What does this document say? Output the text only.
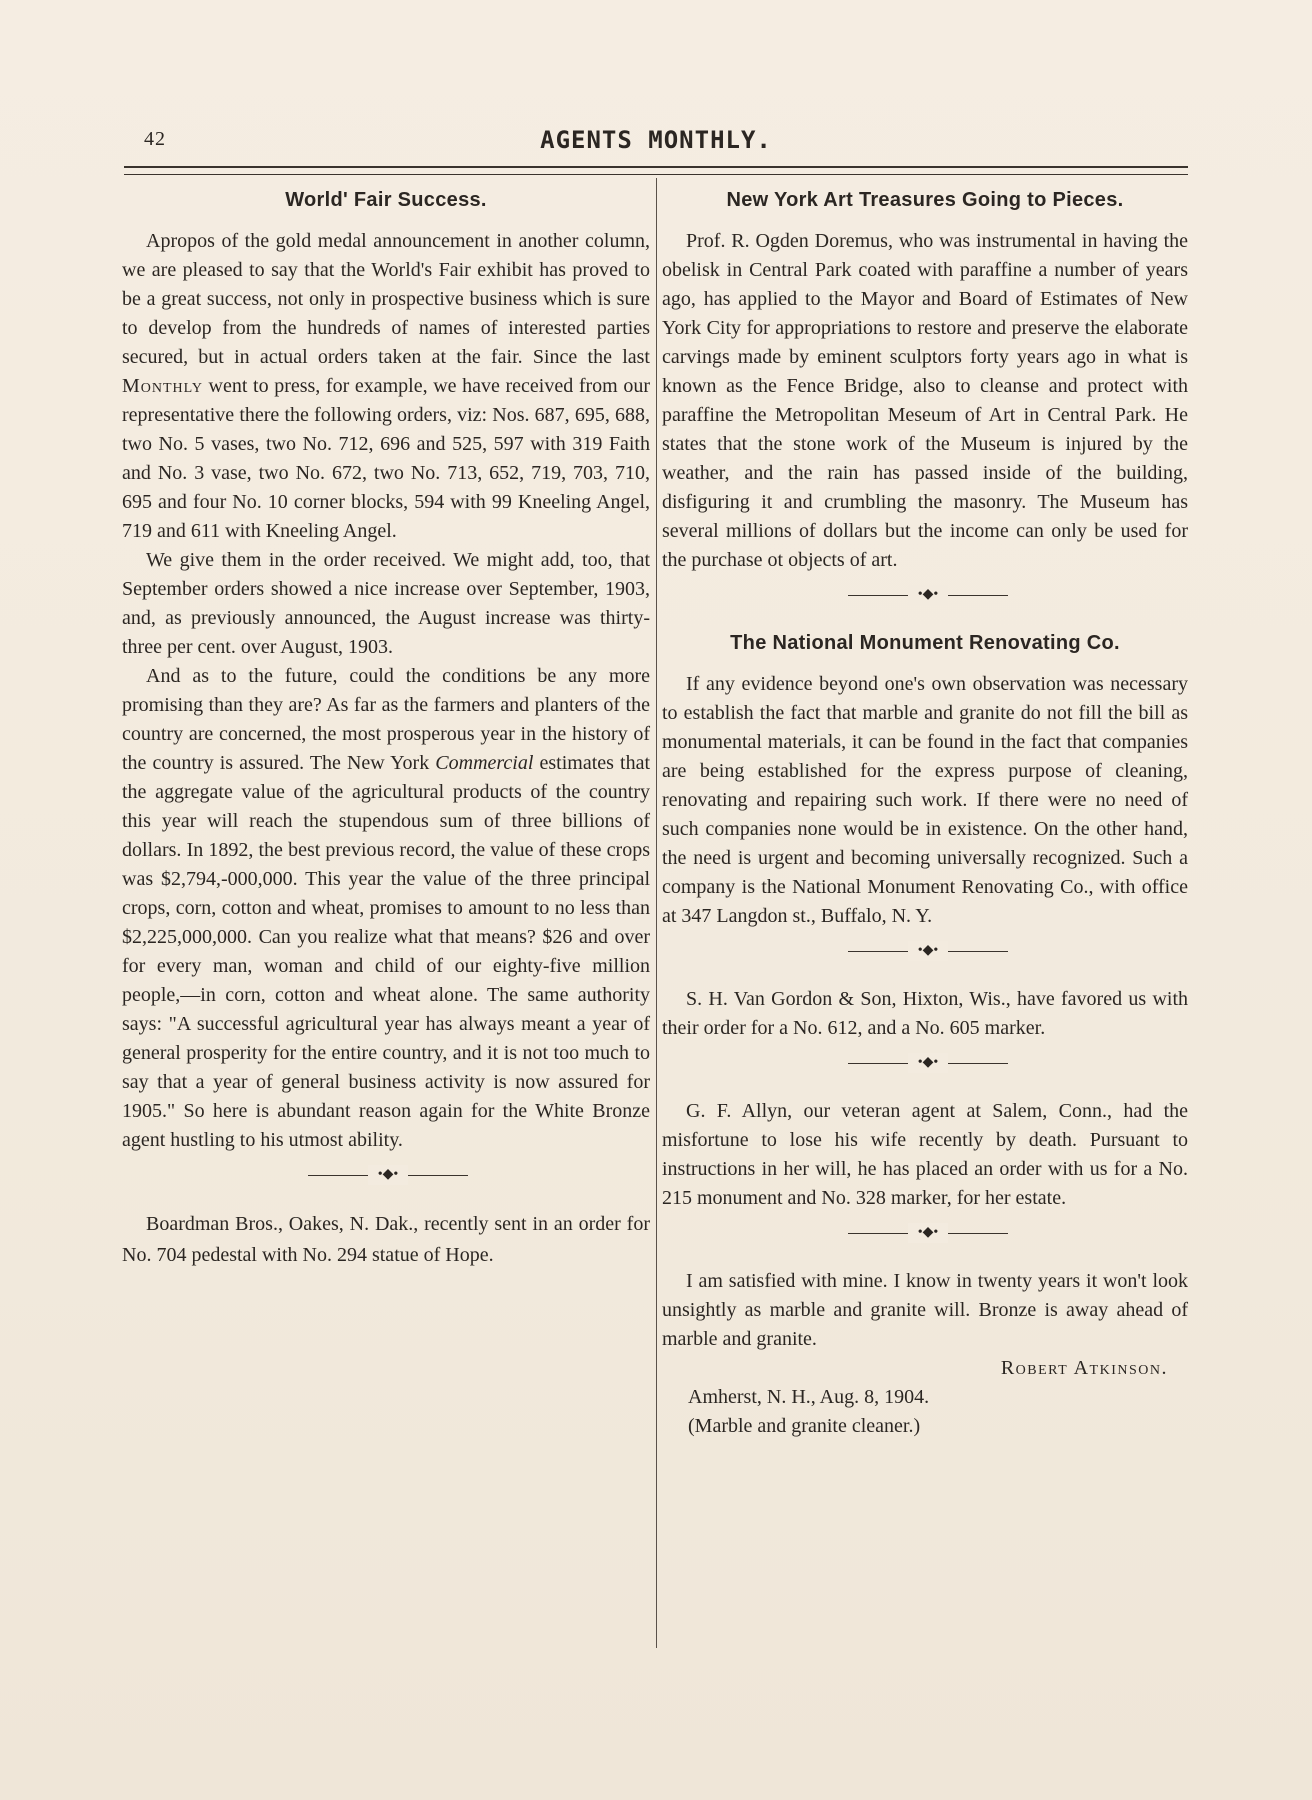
42	AGENTS MONTHLY.
World' Fair Success.

Apropos of the gold medal announcement in another column, we are pleased to say that the World's Fair exhibit has proved to be a great success, not only in prospective business which is sure to develop from the hundreds of names of interested parties secured, but in actual orders taken at the fair. Since the last Monthly went to press, for example, we have received from our representative there the following orders, viz: Nos. 687, 695, 688, two No. 5 vases, two No. 712, 696 and 525, 597 with 319 Faith and No. 3 vase, two No. 672, two No. 713, 652, 719, 703, 710, 695 and four No. 10 corner blocks, 594 with 99 Kneeling Angel, 719 and 611 with Kneeling Angel.

We give them in the order received. We might add, too, that September orders showed a nice increase over September, 1903, and, as previously announced, the August increase was thirty-three per cent. over August, 1903.

And as to the future, could the conditions be any more promising than they are? As far as the farmers and planters of the country are concerned, the most prosperous year in the history of the country is assured. The New York Commercial estimates that the aggregate value of the agricultural products of the country this year will reach the stupendous sum of three billions of dollars. In 1892, the best previous record, the value of these crops was $2,794,-000,000. This year the value of the three principal crops, corn, cotton and wheat, promises to amount to no less than $2,225,000,000. Can you realize what that means? $26 and over for every man, woman and child of our eighty-five million people,—in corn, cotton and wheat alone. The same authority says: "A successful agricultural year has always meant a year of general prosperity for the entire country, and it is not too much to say that a year of general business activity is now assured for 1905." So here is abundant reason again for the White Bronze agent hustling to his utmost ability.

•◆•

Boardman Bros., Oakes, N. Dak., recently sent in an order for No. 704 pedestal with No. 294 statue of Hope.

New York Art Treasures Going to Pieces.

Prof. R. Ogden Doremus, who was instrumental in having the obelisk in Central Park coated with paraffine a number of years ago, has applied to the Mayor and Board of Estimates of New York City for appropriations to restore and preserve the elaborate carvings made by eminent sculptors forty years ago in what is known as the Fence Bridge, also to cleanse and protect with paraffine the Metropolitan Meseum of Art in Central Park. He states that the stone work of the Museum is injured by the weather, and the rain has passed inside of the building, disfiguring it and crumbling the masonry. The Museum has several millions of dollars but the income can only be used for the purchase ot objects of art.

•◆•
The National Monument Renovating Co.

If any evidence beyond one's own observation was necessary to establish the fact that marble and granite do not fill the bill as monumental materials, it can be found in the fact that companies are being established for the express purpose of cleaning, renovating and repairing such work. If there were no need of such companies none would be in existence. On the other hand, the need is urgent and becoming universally recognized. Such a company is the National Monument Renovating Co., with office at 347 Langdon st., Buffalo, N. Y.

•◆•

S. H. Van Gordon & Son, Hixton, Wis., have favored us with their order for a No. 612, and a No. 605 marker.

•◆•

G. F. Allyn, our veteran agent at Salem, Conn., had the misfortune to lose his wife recently by death. Pursuant to instructions in her will, he has placed an order with us for a No. 215 monument and No. 328 marker, for her estate.

•◆•

I am satisfied with mine. I know in twenty years it won't look unsightly as marble and granite will. Bronze is away ahead of marble and granite.

Robert Atkinson.
Amherst, N. H., Aug. 8, 1904.
(Marble and granite cleaner.)
